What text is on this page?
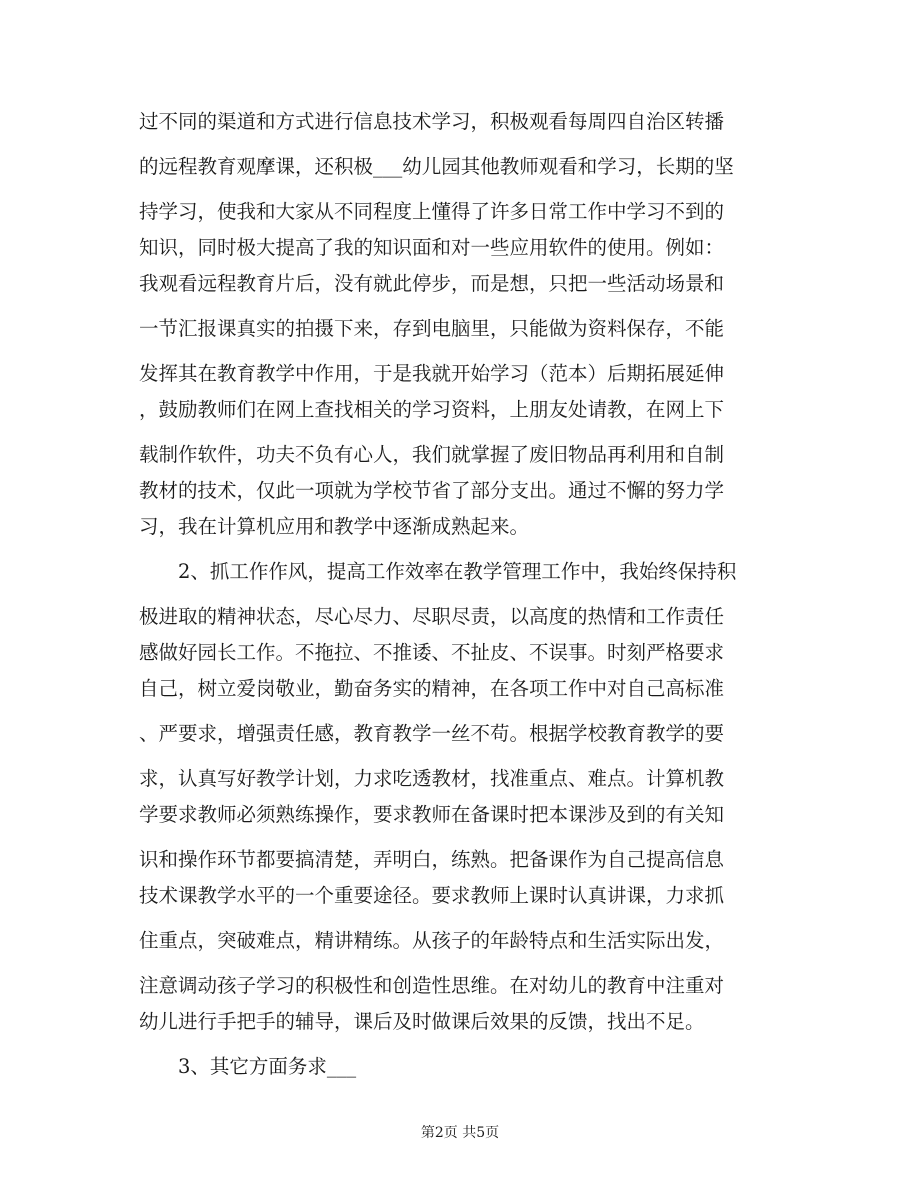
过不同的渠道和方式进行信息技术学习，积极观看每周四自治区转播
的远程教育观摩课，还积极___幼儿园其他教师观看和学习，长期的坚
持学习，使我和大家从不同程度上懂得了许多日常工作中学习不到的
知识，同时极大提高了我的知识面和对一些应用软件的使用。例如：
我观看远程教育片后，没有就此停步，而是想，只把一些活动场景和
一节汇报课真实的拍摄下来，存到电脑里，只能做为资料保存，不能
发挥其在教育教学中作用，于是我就开始学习（范本）后期拓展延伸
，鼓励教师们在网上查找相关的学习资料，上朋友处请教，在网上下
载制作软件，功夫不负有心人，我们就掌握了废旧物品再利用和自制
教材的技术，仅此一项就为学校节省了部分支出。通过不懈的努力学
习，我在计算机应用和教学中逐渐成熟起来。
　　2、抓工作作风，提高工作效率在教学管理工作中，我始终保持积
极进取的精神状态，尽心尽力、尽职尽责，以高度的热情和工作责任
感做好园长工作。不拖拉、不推诿、不扯皮、不误事。时刻严格要求
自己，树立爱岗敬业，勤奋务实的精神，在各项工作中对自己高标准
、严要求，增强责任感，教育教学一丝不苟。根据学校教育教学的要
求，认真写好教学计划，力求吃透教材，找准重点、难点。计算机教
学要求教师必须熟练操作，要求教师在备课时把本课涉及到的有关知
识和操作环节都要搞清楚，弄明白，练熟。把备课作为自己提高信息
技术课教学水平的一个重要途径。要求教师上课时认真讲课，力求抓
住重点，突破难点，精讲精练。从孩子的年龄特点和生活实际出发，
注意调动孩子学习的积极性和创造性思维。在对幼儿的教育中注重对
幼儿进行手把手的辅导，课后及时做课后效果的反馈，找出不足。
　　3、其它方面务求___
第2页 共5页
